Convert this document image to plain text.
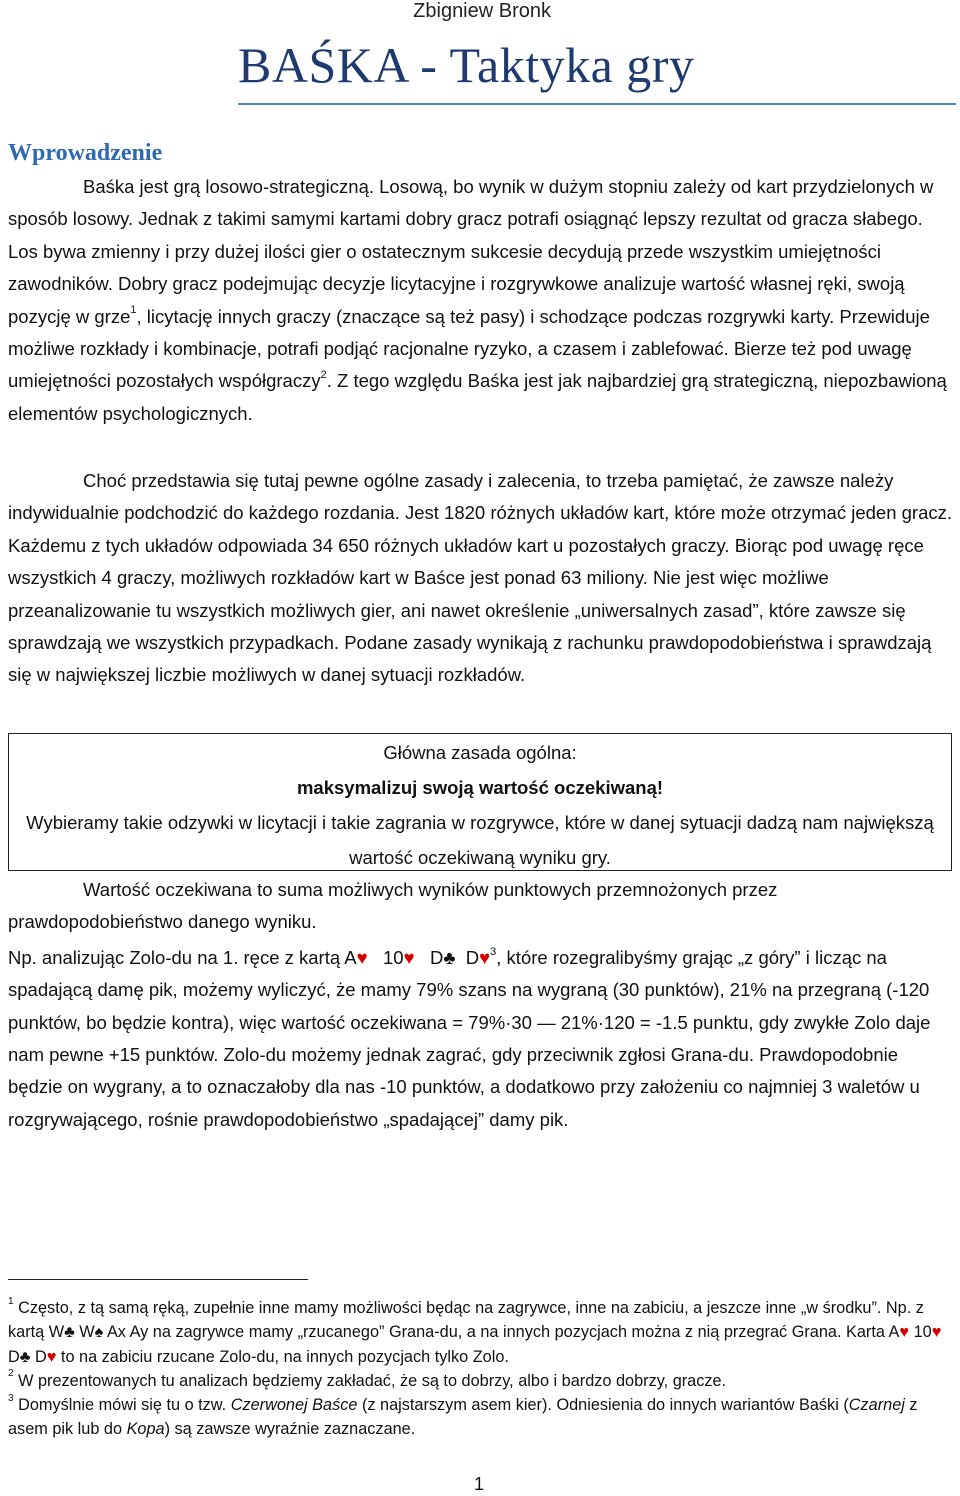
Zbigniew Bronk
BAŚKA - Taktyka gry
Wprowadzenie

Baśka jest grą losowo-strategiczną. Losową, bo wynik w dużym stopniu zależy od kart przydzielonych w sposób losowy. Jednak z takimi samymi kartami dobry gracz potrafi osiągnąć lepszy rezultat od gracza słabego. Los bywa zmienny i przy dużej ilości gier o ostatecznym sukcesie decydują przede wszystkim umiejętności zawodników. Dobry gracz podejmując decyzje licytacyjne i rozgrywkowe analizuje wartość własnej ręki, swoją pozycję w grze$^1$, licytację innych graczy (znaczące są też pasy) i schodzące podczas rozgrywki karty. Przewiduje możliwe rozkłady i kombinacje, potrafi podjąć racjonalne ryzyko, a czasem i zablefować. Bierze też pod uwagę umiejętności pozostałych współgraczy$^2$. Z tego względu Baśka jest jak najbardziej grą strategiczną, niepozbawioną elementów psychologicznych.

Choć przedstawia się tutaj pewne ogólne zasady i zalecenia, to trzeba pamiętać, że zawsze należy indywidualnie podchodzić do każdego rozdania. Jest 1820 różnych układów kart, które może otrzymać jeden gracz. Każdemu z tych układów odpowiada 34 650 różnych układów kart u pozostałych graczy. Biorąc pod uwagę ręce wszystkich 4 graczy, możliwych rozkładów kart w Baśce jest ponad 63 miliony. Nie jest więc możliwe przeanalizowanie tu wszystkich możliwych gier, ani nawet określenie „uniwersalnych zasad”, które zawsze się sprawdzają we wszystkich przypadkach. Podane zasady wynikają z rachunku prawdopodobieństwa i sprawdzają się w największej liczbie możliwych w danej sytuacji rozkładów.

Główna zasada ogólna:

maksymalizuj swoją wartość oczekiwaną!

Wybieramy takie odzywki w licytacji i takie zagrania w rozgrywce, które w danej sytuacji dadzą nam największą wartość oczekiwaną wyniku gry.

Wartość oczekiwana to suma możliwych wyników punktowych przemnożonych przez prawdopodobieństwo danego wyniku.

Np. analizując Zolo-du na 1. ręce z kartą A♥ 10♥ D♣ D♥$^3$, które rozegralibyśmy grając „z góry” i licząc na spadającą damę pik, możemy wyliczyć, że mamy 79% szans na wygraną (30 punktów), 21% na przegraną (-120 punktów, bo będzie kontra), więc wartość oczekiwana = 79%·30 — 21%·120 = -1.5 punktu, gdy zwykłe Zolo daje nam pewne +15 punktów. Zolo-du możemy jednak zagrać, gdy przeciwnik zgłosi Grana-du. Prawdopodobnie będzie on wygrany, a to oznaczałoby dla nas -10 punktów, a dodatkowo przy założeniu co najmniej 3 waletów u rozgrywającego, rośnie prawdopodobieństwo „spadającej” damy pik.

$^1$ Często, z tą samą ręką, zupełnie inne mamy możliwości będąc na zagrywce, inne na zabiciu, a jeszcze inne „w środku”. Np. z kartą W♣ W♠ Ax Ay na zagrywce mamy „rzucanego” Grana-du, a na innych pozycjach można z nią przegrać Grana. Karta A♥ 10♥ D♣ D♥ to na zabiciu rzucane Zolo-du, na innych pozycjach tylko Zolo.

$^2$ W prezentowanych tu analizach będziemy zakładać, że są to dobrzy, albo i bardzo dobrzy, gracze.

$^3$ Domyślnie mówi się tu o tzw. Czerwonej Baśce (z najstarszym asem kier). Odniesienia do innych wariantów Baśki (Czarnej z asem pik lub do Kopa) są zawsze wyraźnie zaznaczane.

1
